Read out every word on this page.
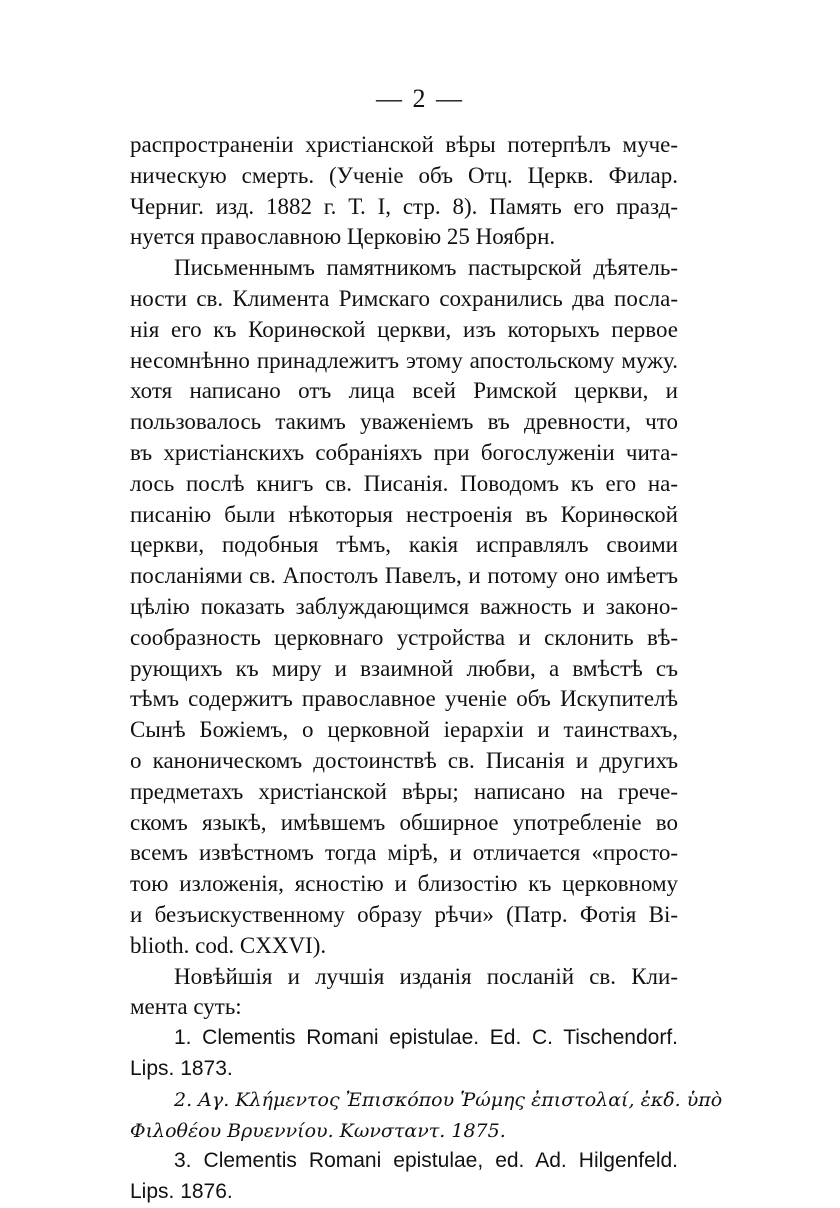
— 2 —
распространеніи христіанской вѣры потерпѣлъ муче-
ническую смерть. (Ученіе объ Отц. Церкв. Филар.
Черниг. изд. 1882 г. Т. I, стр. 8). Память его празд-
нуется православною Церковію 25 Ноябрн.
Письменнымъ памятникомъ пастырской дѣятель-
ности св. Климента Римскаго сохранились два посла-
нія его къ Коринѳской церкви, изъ которыхъ первое
несомнѣнно принадлежитъ этому апостольскому мужу.
хотя написано отъ лица всей Римской церкви, и
пользовалось такимъ уваженіемъ въ древности, что
въ христіанскихъ собраніяхъ при богослуженіи чита-
лось послѣ книгъ св. Писанія. Поводомъ къ его на-
писанію были нѣкоторыя нестроенія въ Коринѳской
церкви, подобныя тѣмъ, какія исправлялъ своими
посланіями св. Апостолъ Павелъ, и потому оно имѣетъ
цѣлію показать заблуждающимся важность и законо-
сообразность церковнаго устройства и склонить вѣ-
рующихъ къ миру и взаимной любви, а вмѣстѣ съ
тѣмъ содержитъ православное ученіе объ Искупителѣ
Сынѣ Божіемъ, о церковной іерархіи и таинствахъ,
о каноническомъ достоинствѣ св. Писанія и другихъ
предметахъ христіанской вѣры; написано на грече-
скомъ языкѣ, имѣвшемъ обширное употребленіе во
всемъ извѣстномъ тогда мірѣ, и отличается «просто-
тою изложенія, ясностію и близостію къ церковному
и безъискуственному образу рѣчи» (Патр. Фотія Bi-
blioth. cod. CXXVI).
Новѣйшія и лучшія изданія посланій св. Кли-
мента суть:
1. Clementis Romani epistulae. Ed. C. Tischendorf.
Lips. 1873.
2. Αγ. Κλήμεντος Ἐπισκόπου Ῥώμης ἐπιστολαί, ἐκδ. ὑπὸ
Φιλοθέου Βρυεννίου. Κωνσταντ. 1875.
3. Clementis Romani epistulae, ed. Ad. Hilgenfeld.
Lips. 1876.
